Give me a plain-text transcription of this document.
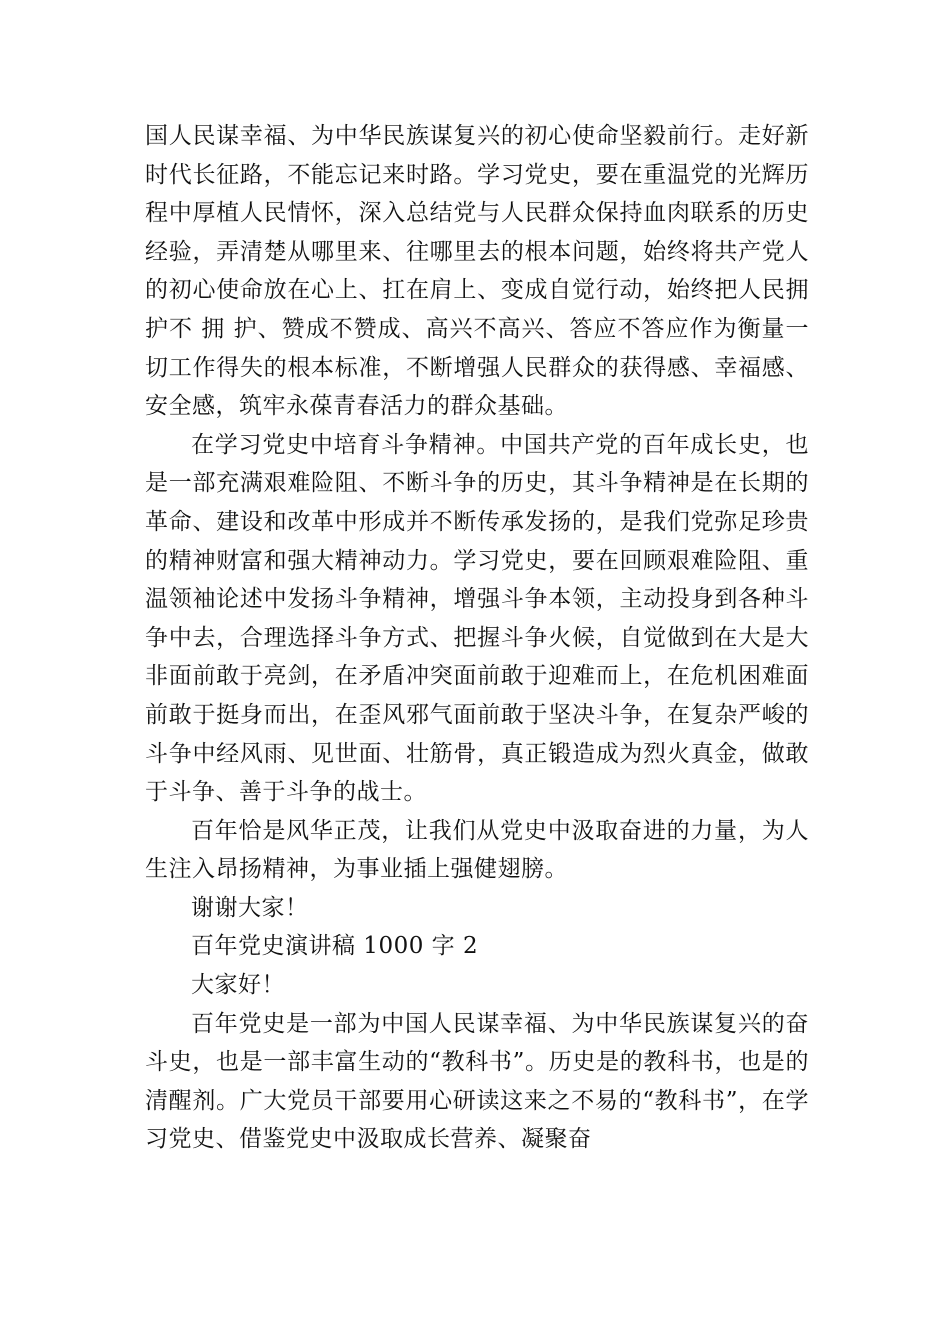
国人民谋幸福、为中华民族谋复兴的初心使命坚毅前行。走好新时代长征路，不能忘记来时路。学习党史，要在重温党的光辉历程中厚植人民情怀，深入总结党与人民群众保持血肉联系的历史经验，弄清楚从哪里来、往哪里去的根本问题，始终将共产党人的初心使命放在心上、扛在肩上、变成自觉行动，始终把人民拥护不 拥 护、赞成不赞成、高兴不高兴、答应不答应作为衡量一切工作得失的根本标准，不断增强人民群众的获得感、幸福感、安全感，筑牢永葆青春活力的群众基础。

在学习党史中培育斗争精神。中国共产党的百年成长史，也是一部充满艰难险阻、不断斗争的历史，其斗争精神是在长期的革命、建设和改革中形成并不断传承发扬的，是我们党弥足珍贵的精神财富和强大精神动力。学习党史，要在回顾艰难险阻、重温领袖论述中发扬斗争精神，增强斗争本领，主动投身到各种斗争中去，合理选择斗争方式、把握斗争火候，自觉做到在大是大非面前敢于亮剑，在矛盾冲突面前敢于迎难而上，在危机困难面前敢于挺身而出，在歪风邪气面前敢于坚决斗争，在复杂严峻的斗争中经风雨、见世面、壮筋骨，真正锻造成为烈火真金，做敢于斗争、善于斗争的战士。

百年恰是风华正茂，让我们从党史中汲取奋进的力量，为人生注入昂扬精神，为事业插上强健翅膀。

谢谢大家！

百年党史演讲稿 1000 字 2

大家好！

百年党史是一部为中国人民谋幸福、为中华民族谋复兴的奋斗史，也是一部丰富生动的“教科书”。历史是的教科书，也是的清醒剂。广大党员干部要用心研读这来之不易的“教科书”，在学习党史、借鉴党史中汲取成长营养、凝聚奋
